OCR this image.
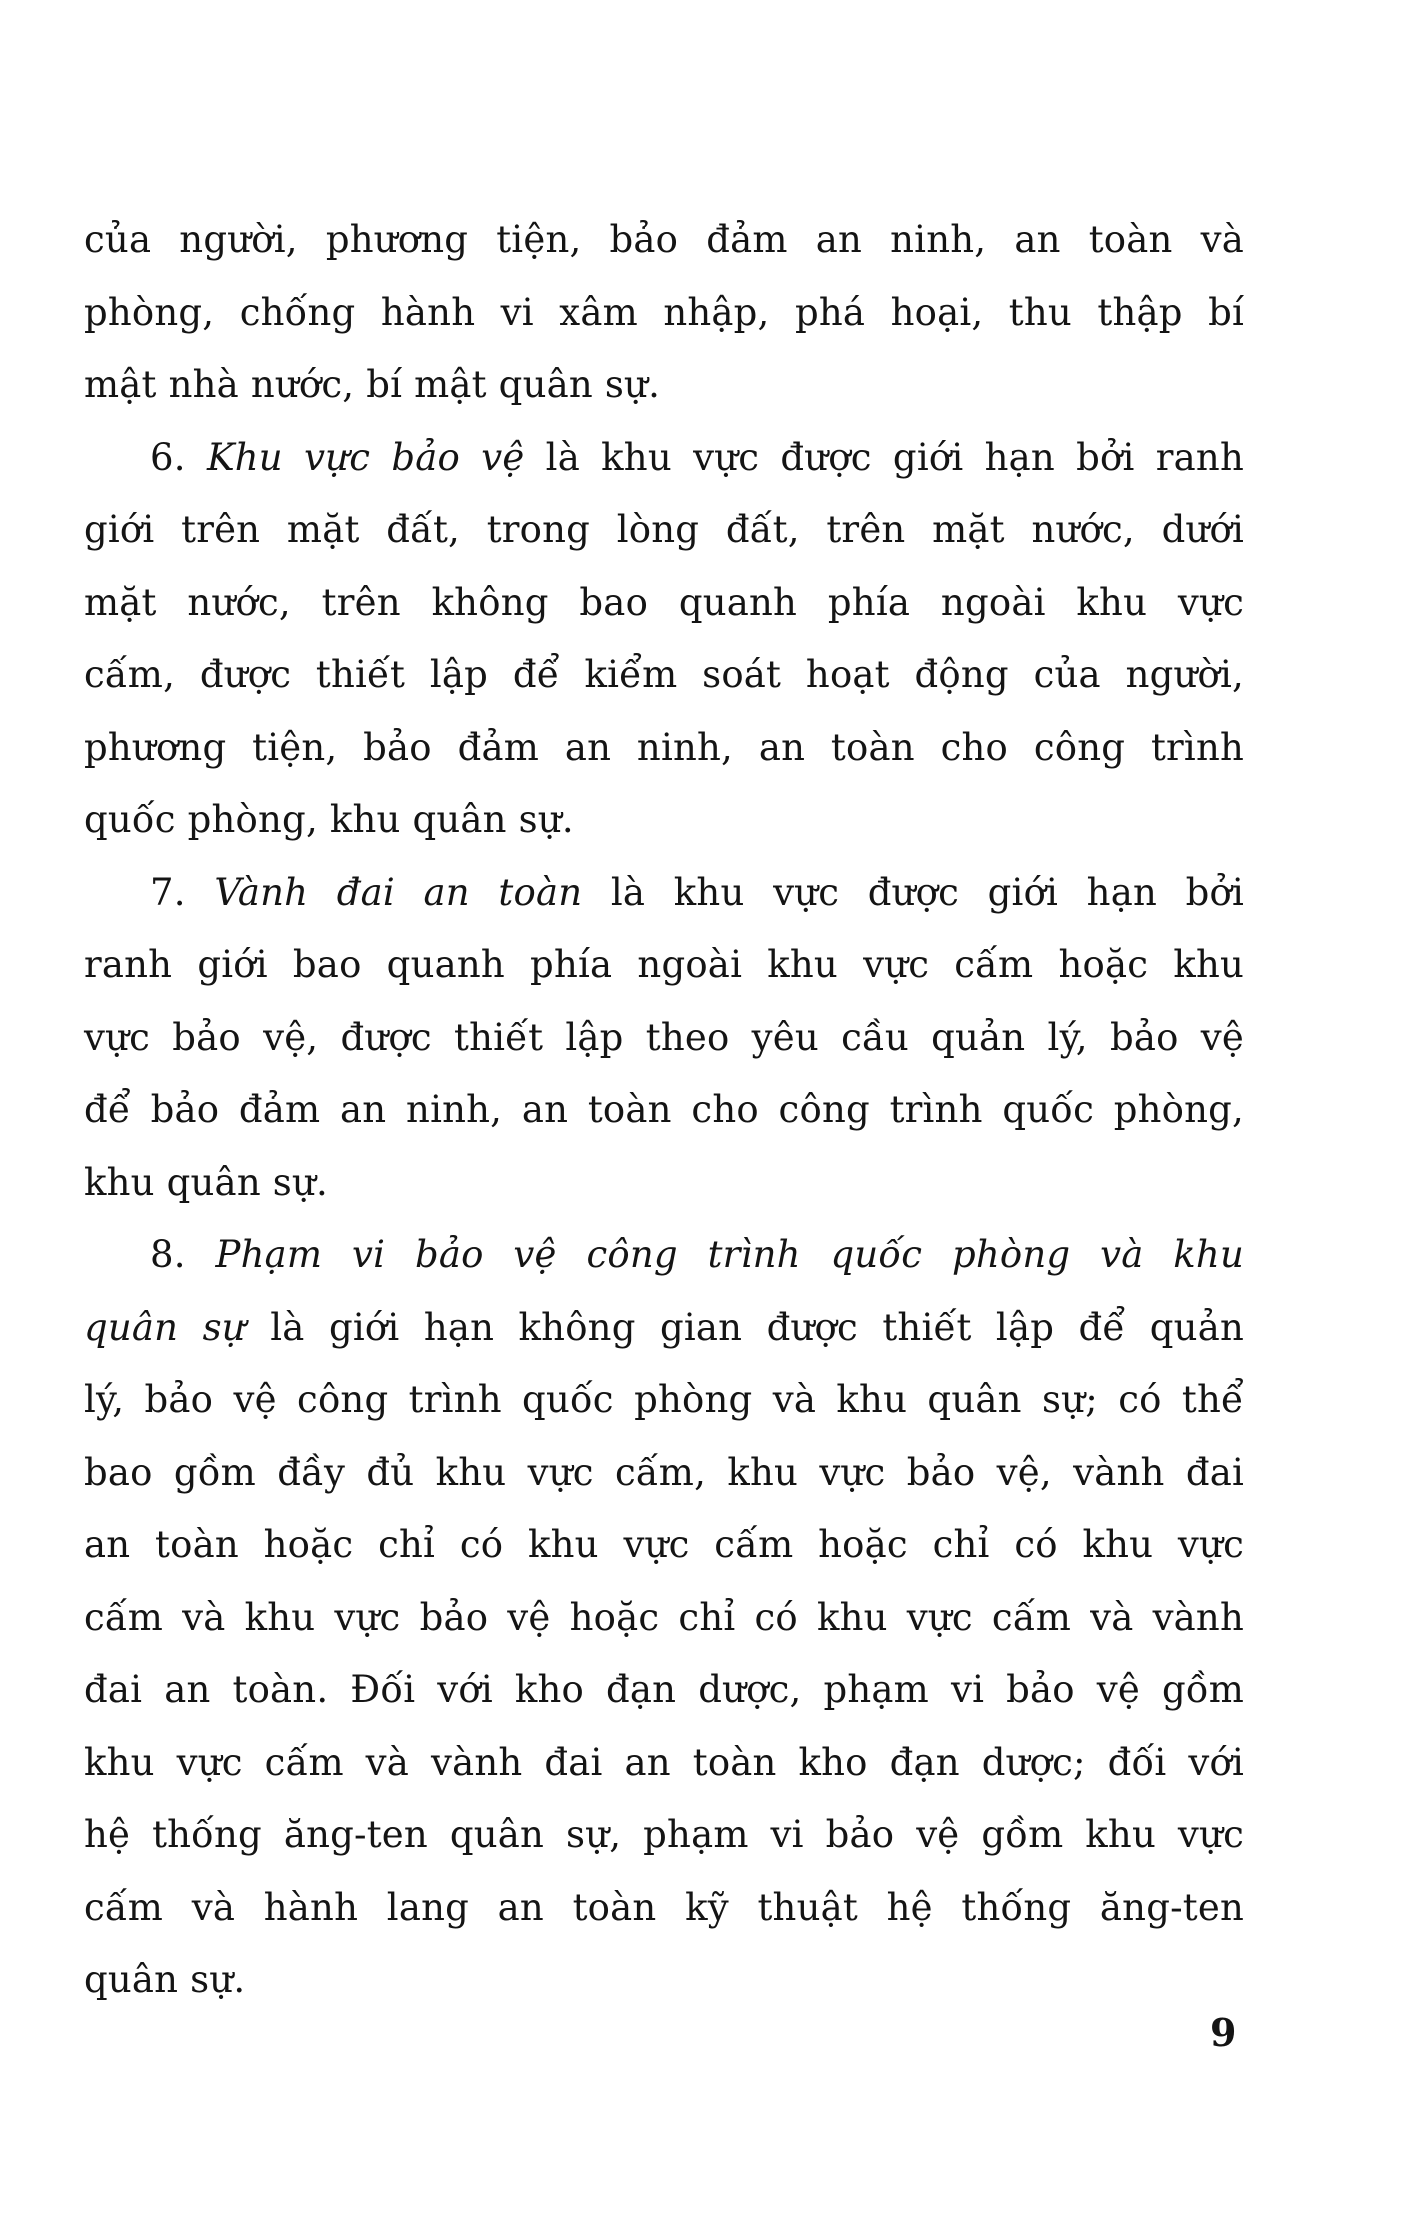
của người, phương tiện, bảo đảm an ninh, an toàn và
phòng, chống hành vi xâm nhập, phá hoại, thu thập bí
mật nhà nước, bí mật quân sự.
6. Khu vực bảo vệ là khu vực được giới hạn bởi ranh
giới trên mặt đất, trong lòng đất, trên mặt nước, dưới
mặt nước, trên không bao quanh phía ngoài khu vực
cấm, được thiết lập để kiểm soát hoạt động của người,
phương tiện, bảo đảm an ninh, an toàn cho công trình
quốc phòng, khu quân sự.
7. Vành đai an toàn là khu vực được giới hạn bởi
ranh giới bao quanh phía ngoài khu vực cấm hoặc khu
vực bảo vệ, được thiết lập theo yêu cầu quản lý, bảo vệ
để bảo đảm an ninh, an toàn cho công trình quốc phòng,
khu quân sự.
8. Phạm vi bảo vệ công trình quốc phòng và khu
quân sự là giới hạn không gian được thiết lập để quản
lý, bảo vệ công trình quốc phòng và khu quân sự; có thể
bao gồm đầy đủ khu vực cấm, khu vực bảo vệ, vành đai
an toàn hoặc chỉ có khu vực cấm hoặc chỉ có khu vực
cấm và khu vực bảo vệ hoặc chỉ có khu vực cấm và vành
đai an toàn. Đối với kho đạn dược, phạm vi bảo vệ gồm
khu vực cấm và vành đai an toàn kho đạn dược; đối với
hệ thống ăng-ten quân sự, phạm vi bảo vệ gồm khu vực
cấm và hành lang an toàn kỹ thuật hệ thống ăng-ten
quân sự.
9
